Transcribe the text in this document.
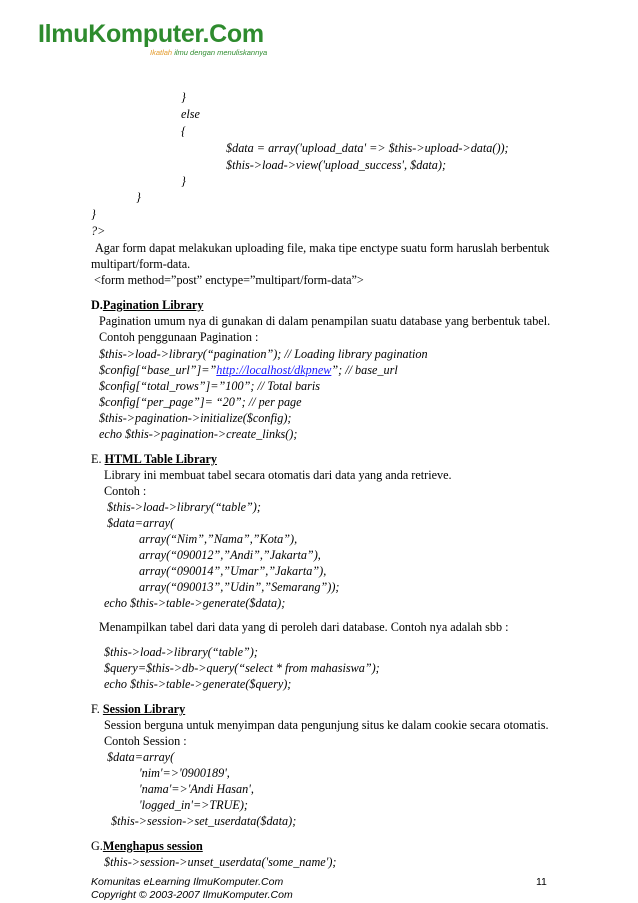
IlmuKomputer.Com
Ikatlah ilmu dengan menuliskannya
}
else
{
$data = array('upload_data' => $this->upload->data());
$this->load->view('upload_success', $data);
}
}
}
?>
Agar form dapat melakukan uploading file, maka tipe enctype suatu form haruslah berbentuk
multipart/form-data.
<form method=”post” enctype=”multipart/form-data”>
D.Pagination Library
Pagination umum nya di gunakan di dalam penampilan suatu database yang berbentuk tabel.
Contoh penggunaan Pagination :
$this->load->library(“pagination”); // Loading library pagination
$config[“base_url”]=”http://localhost/dkpnew”; // base_url
$config[“total_rows”]=”100”; // Total baris
$config[“per_page”]= “20”; // per page
$this->pagination->initialize($config);
echo $this->pagination->create_links();
E. HTML Table Library
Library ini membuat tabel secara otomatis dari data yang anda retrieve.
Contoh :
$this->load->library(“table”);
$data=array(
array(“Nim”,”Nama”,”Kota”),
array(“090012”,”Andi”,”Jakarta”),
array(“090014”,”Umar”,”Jakarta”),
array(“090013”,”Udin”,”Semarang”));
echo $this->table->generate($data);
Menampilkan tabel dari data yang di peroleh dari database. Contoh nya adalah sbb :
$this->load->library(“table”);
$query=$this->db->query(“select * from mahasiswa”);
echo $this->table->generate($query);
F. Session Library
Session berguna untuk menyimpan data pengunjung situs ke dalam cookie secara otomatis.
Contoh Session :
$data=array(
'nim'=>'0900189',
'nama'=>'Andi Hasan',
'logged_in'=>TRUE);
$this->session->set_userdata($data);
G.Menghapus session
$this->session->unset_userdata('some_name');
Komunitas eLearning IlmuKomputer.Com
Copyright © 2003-2007 IlmuKomputer.Com
11
